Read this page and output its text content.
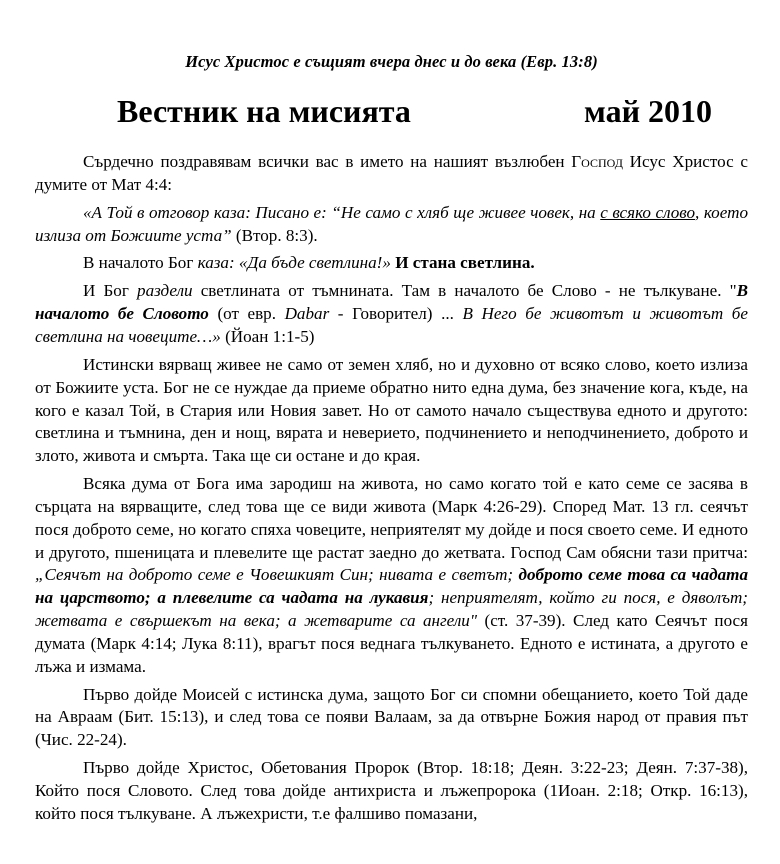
Исус Христос е същият вчера днес и до века (Евр. 13:8)
Вестник на мисията	май 2010

Сърдечно поздравявам всички вас в името на нашият възлюбен Господ Исус Христос с думите от Мат 4:4:

«А Той в отговор каза: Писано е: “Не само с хляб ще живее човек, на с всяко слово, което излиза от Божиите уста” (Втор. 8:3).

В началото Бог каза: «Да бъде светлина!» И стана светлина.

И Бог раздели светлината от тъмнината. Там в началото бе Слово - не тълкуване. "В началото бе Словото (от евр. Dabar - Говорител) ... В Него бе животът и животът бе светлина на човеците…» (Йоан 1:1-5)

Истински вярващ живее не само от земен хляб, но и духовно от всяко слово, което излиза от Божиите уста. Бог не се нуждае да приеме обратно нито една дума, без значение кога, къде, на кого е казал Той, в Стария или Новия завет. Но от самото начало съществува едното и другото: светлина и тъмнина, ден и нощ, вярата и неверието, подчинението и неподчинението, доброто и злото, живота и смърта. Така ще си остане и до края.

Всяка дума от Бога има зародиш на живота, но само когато той е като семе се засява в сърцата на вярващите, след това ще се види живота (Марк 4:26-29). Според Мат. 13 гл. сеячът пося доброто семе, но когато спяха човеците, неприятелят му дойде и пося своето семе. И едното и другото, пшеницата и плевелите ще растат заедно до жетвата. Господ Сам обясни тази притча: „Сеячът на доброто семе е Човешкият Син; нивата е светът; доброто семе това са чадата на царството; а плевелите са чадата на лукавия; неприятелят, който ги пося, е дяволът; жетвата е свършекът на века; а жетварите са ангели" (ст. 37-39). След като Сеячът пося думата (Марк 4:14; Лука 8:11), врагът пося веднага тълкуването. Едното е истината, а другото е лъжа и измама.

Първо дойде Моисей с истинска дума, защото Бог си спомни обещанието, което Той даде на Авраам (Бит. 15:13), и след това се появи Валаам, за да отвърне Божия народ от правия път (Чис. 22-24).

Първо дойде Христос, Обетования Пророк (Втор. 18:18; Деян. 3:22-23; Деян. 7:37-38), Който пося Словото. След това дойде антихриста и лъжепророка (1Иоан. 2:18; Откр. 16:13), който пося тълкуване. А лъжехристи, т.е фалшиво помазани,
